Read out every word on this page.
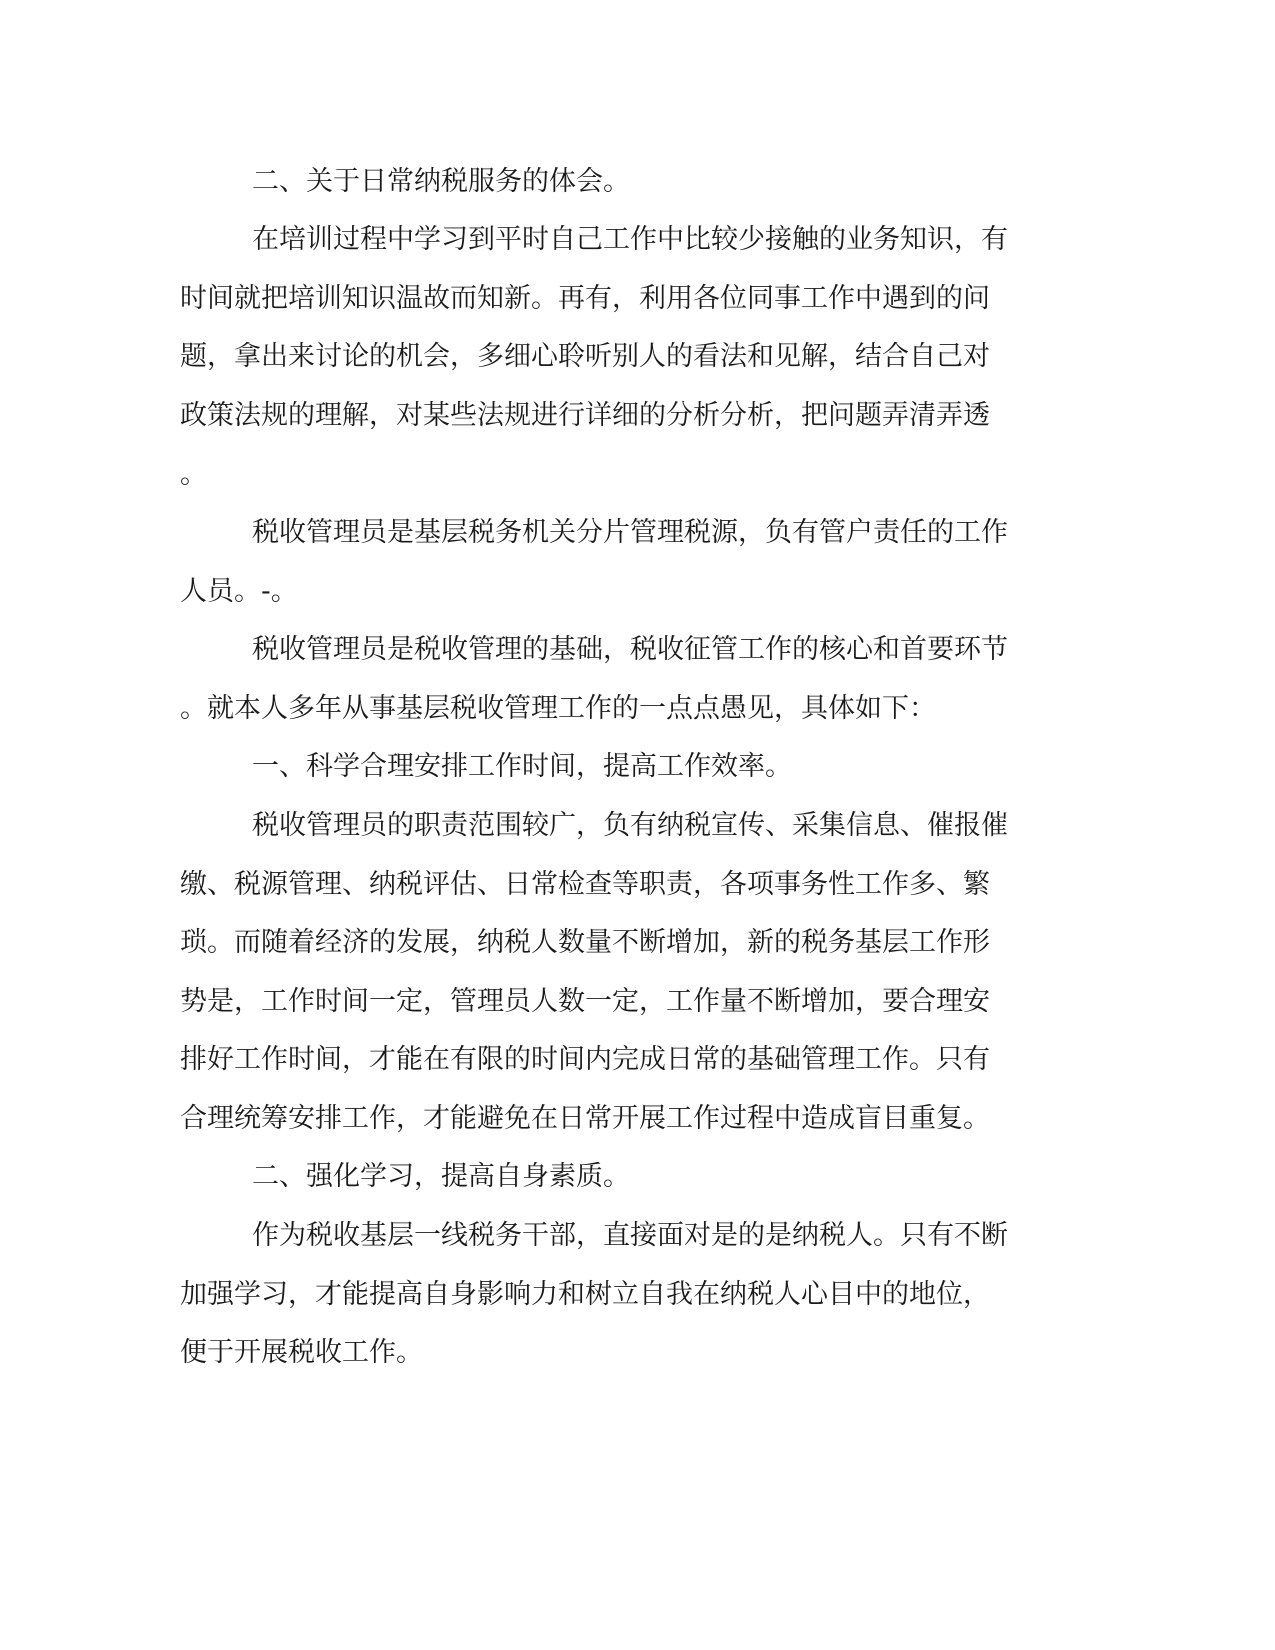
二、关于日常纳税服务的体会。

在培训过程中学习到平时自己工作中比较少接触的业务知识，有

时间就把培训知识温故而知新。再有，利用各位同事工作中遇到的问

题，拿出来讨论的机会，多细心聆听别人的看法和见解，结合自己对

政策法规的理解，对某些法规进行详细的分析分析，把问题弄清弄透

。

税收管理员是基层税务机关分片管理税源，负有管户责任的工作

人员。-。

税收管理员是税收管理的基础，税收征管工作的核心和首要环节

。就本人多年从事基层税收管理工作的一点点愚见，具体如下：

一、科学合理安排工作时间，提高工作效率。

税收管理员的职责范围较广，负有纳税宣传、采集信息、催报催

缴、税源管理、纳税评估、日常检查等职责，各项事务性工作多、繁

琐。而随着经济的发展，纳税人数量不断增加，新的税务基层工作形

势是，工作时间一定，管理员人数一定，工作量不断增加，要合理安

排好工作时间，才能在有限的时间内完成日常的基础管理工作。只有

合理统筹安排工作，才能避免在日常开展工作过程中造成盲目重复。

二、强化学习，提高自身素质。

作为税收基层一线税务干部，直接面对是的是纳税人。只有不断

加强学习，才能提高自身影响力和树立自我在纳税人心目中的地位，

便于开展税收工作。
